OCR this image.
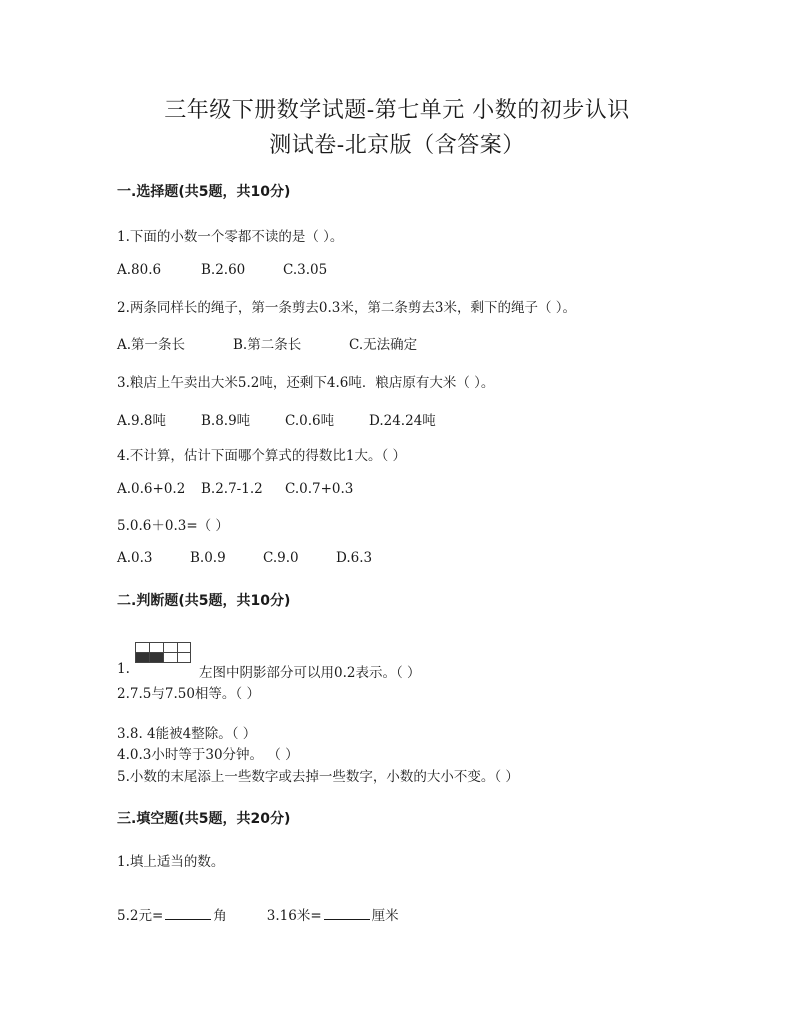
三年级下册数学试题-第七单元 小数的初步认识
测试卷-北京版（含答案）
一.选择题(共5题，共10分)
1.下面的小数一个零都不读的是（ ）。
A.80.6	B.2.60	C.3.05
2.两条同样长的绳子，第一条剪去0.3米，第二条剪去3米，剩下的绳子（ ）。
A.第一条长	B.第二条长	C.无法确定
3.粮店上午卖出大米5.2吨，还剩下4.6吨．粮店原有大米（ ）。
A.9.8吨	B.8.9吨	C.0.6吨	D.24.24吨
4.不计算，估计下面哪个算式的得数比1大。（ ）
A.0.6+0.2 B.2.7-1.2 C.0.7+0.3
5.0.6＋0.3=（ ）
A.0.3	B.0.9	C.9.0	D.6.3
二.判断题(共5题，共10分)
1.	左图中阴影部分可以用0.2表示。（ ）
2.7.5与7.50相等。（ ）
3.8. 4能被4整除。（ ）
4.0.3小时等于30分钟。 （ ）
5.小数的末尾添上一些数字或去掉一些数字，小数的大小不变。（ ）
三.填空题(共5题，共20分)
1.填上适当的数。
5.2元=	角	3.16米=	厘米
